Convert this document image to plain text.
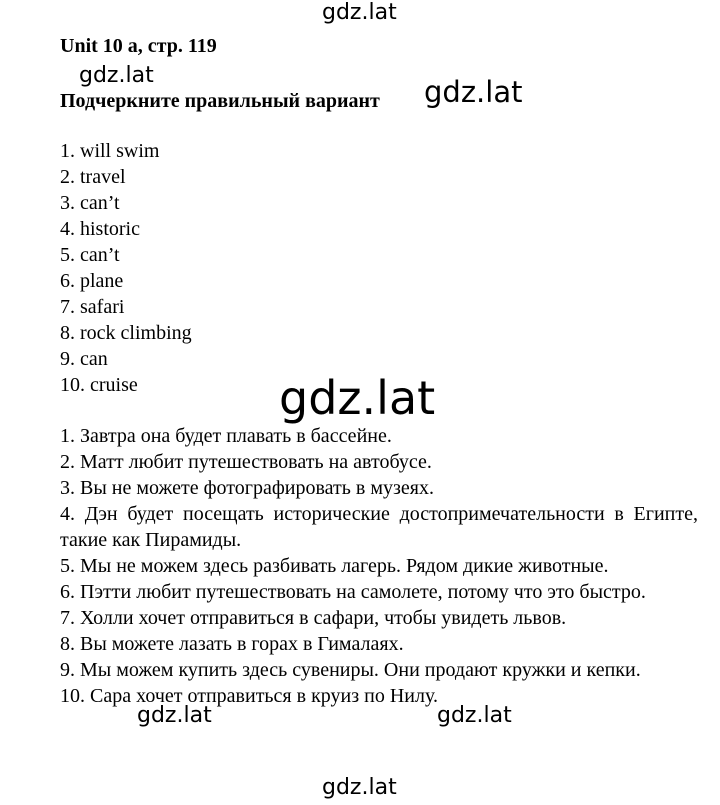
gdz.lat
Unit 10 a, стр. 119
gdz.lat
Подчеркните правильный вариант gdz.lat
1. will swim
2. travel
3. can’t
4. historic
5. can’t
6. plane
7. safari
8. rock climbing
9. can
10. cruise	gdz.lat
1. Завтра она будет плавать в бассейне.
2. Матт любит путешествовать на автобусе.
3. Вы не можете фотографировать в музеях.
4. Дэн будет посещать исторические достопримечательности в Египте, такие как Пирамиды.
5. Мы не можем здесь разбивать лагерь. Рядом дикие животные.
6. Пэтти любит путешествовать на самолете, потому что это быстро.
7. Холли хочет отправиться в сафари, чтобы увидеть львов.
8. Вы можете лазать в горах в Гималаях.
9. Мы можем купить здесь сувениры. Они продают кружки и кепки.
10. Сара хочет отправиться в круиз по Нилу.
gdz.lat	gdz.lat
gdz.lat
